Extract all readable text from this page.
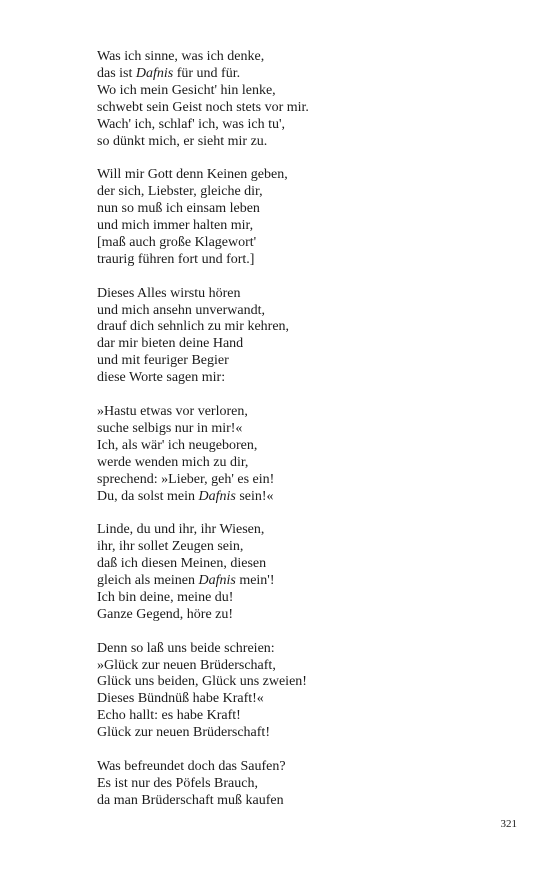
Was ich sinne, was ich denke,
das ist Dafnis für und für.
Wo ich mein Gesicht' hin lenke,
schwebt sein Geist noch stets vor mir.
Wach' ich, schlaf' ich, was ich tu',
so dünkt mich, er sieht mir zu.
Will mir Gott denn Keinen geben,
der sich, Liebster, gleiche dir,
nun so muß ich einsam leben
und mich immer halten mir,
[maß auch große Klagewort'
traurig führen fort und fort.]
Dieses Alles wirstu hören
und mich ansehn unverwandt,
drauf dich sehnlich zu mir kehren,
dar mir bieten deine Hand
und mit feuriger Begier
diese Worte sagen mir:
»Hastu etwas vor verloren,
suche selbigs nur in mir!«
Ich, als wär' ich neugeboren,
werde wenden mich zu dir,
sprechend: »Lieber, geh' es ein!
Du, da solst mein Dafnis sein!«
Linde, du und ihr, ihr Wiesen,
ihr, ihr sollet Zeugen sein,
daß ich diesen Meinen, diesen
gleich als meinen Dafnis mein'!
Ich bin deine, meine du!
Ganze Gegend, höre zu!
Denn so laß uns beide schreien:
»Glück zur neuen Brüderschaft,
Glück uns beiden, Glück uns zweien!
Dieses Bündnüß habe Kraft!«
Echo hallt: es habe Kraft!
Glück zur neuen Brüderschaft!
Was befreundet doch das Saufen?
Es ist nur des Pöfels Brauch,
da man Brüderschaft muß kaufen
321
